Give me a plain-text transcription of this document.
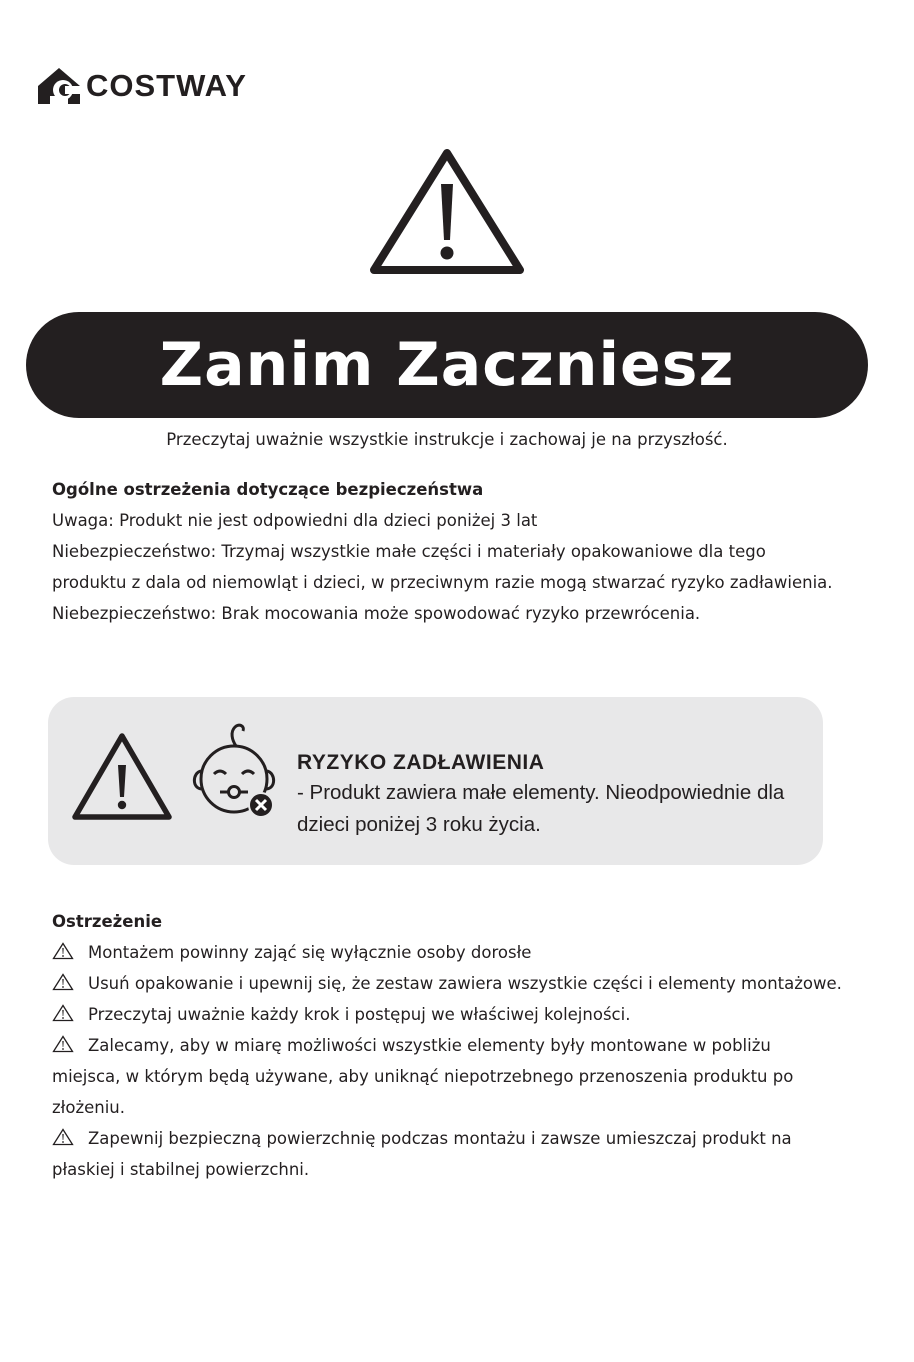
COSTWAY
Zanim Zaczniesz
Przeczytaj uważnie wszystkie instrukcje i zachowaj je na przyszłość.
Ogólne ostrzeżenia dotyczące bezpieczeństwa
Uwaga: Produkt nie jest odpowiedni dla dzieci poniżej 3 lat
Niebezpieczeństwo: Trzymaj wszystkie małe części i materiały opakowaniowe dla tego produktu z dala od niemowląt i dzieci, w przeciwnym razie mogą stwarzać ryzyko zadławienia.
Niebezpieczeństwo: Brak mocowania może spowodować ryzyko przewrócenia.
RYZYKO ZADŁAWIENIA
- Produkt zawiera małe elementy. Nieodpowiednie dla dzieci poniżej 3 roku życia.
Ostrzeżenie
Montażem powinny zająć się wyłącznie osoby dorosłe
Usuń opakowanie i upewnij się, że zestaw zawiera wszystkie części i elementy montażowe.
Przeczytaj uważnie każdy krok i postępuj we właściwej kolejności.
Zalecamy, aby w miarę możliwości wszystkie elementy były montowane w pobliżu miejsca, w którym będą używane, aby uniknąć niepotrzebnego przenoszenia produktu po złożeniu.
Zapewnij bezpieczną powierzchnię podczas montażu i zawsze umieszczaj produkt na płaskiej i stabilnej powierzchni.
